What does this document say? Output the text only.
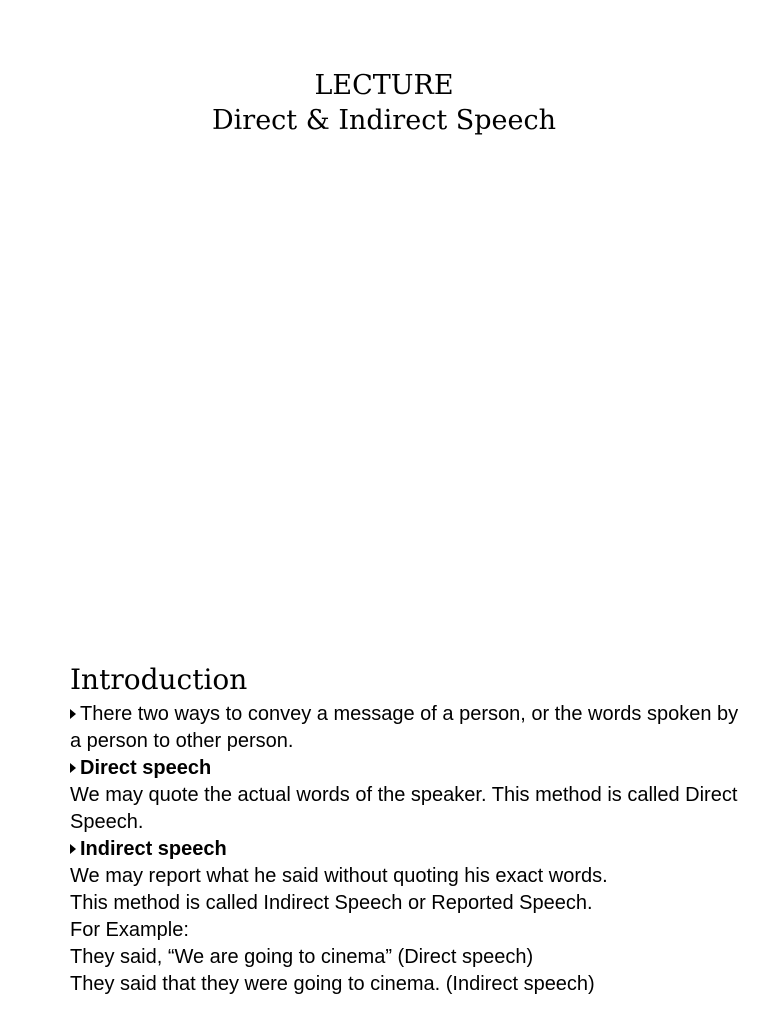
LECTURE
Direct & Indirect Speech
Introduction

There two ways to convey a message of a person, or the words spoken by a person to other person.

Direct speech

We may quote the actual words of the speaker. This method is called Direct Speech.

Indirect speech

We may report what he said without quoting his exact words.

This method is called Indirect Speech or Reported Speech.

For Example:

They said, “We are going to cinema” (Direct speech)

They said that they were going to cinema. (Indirect speech)
